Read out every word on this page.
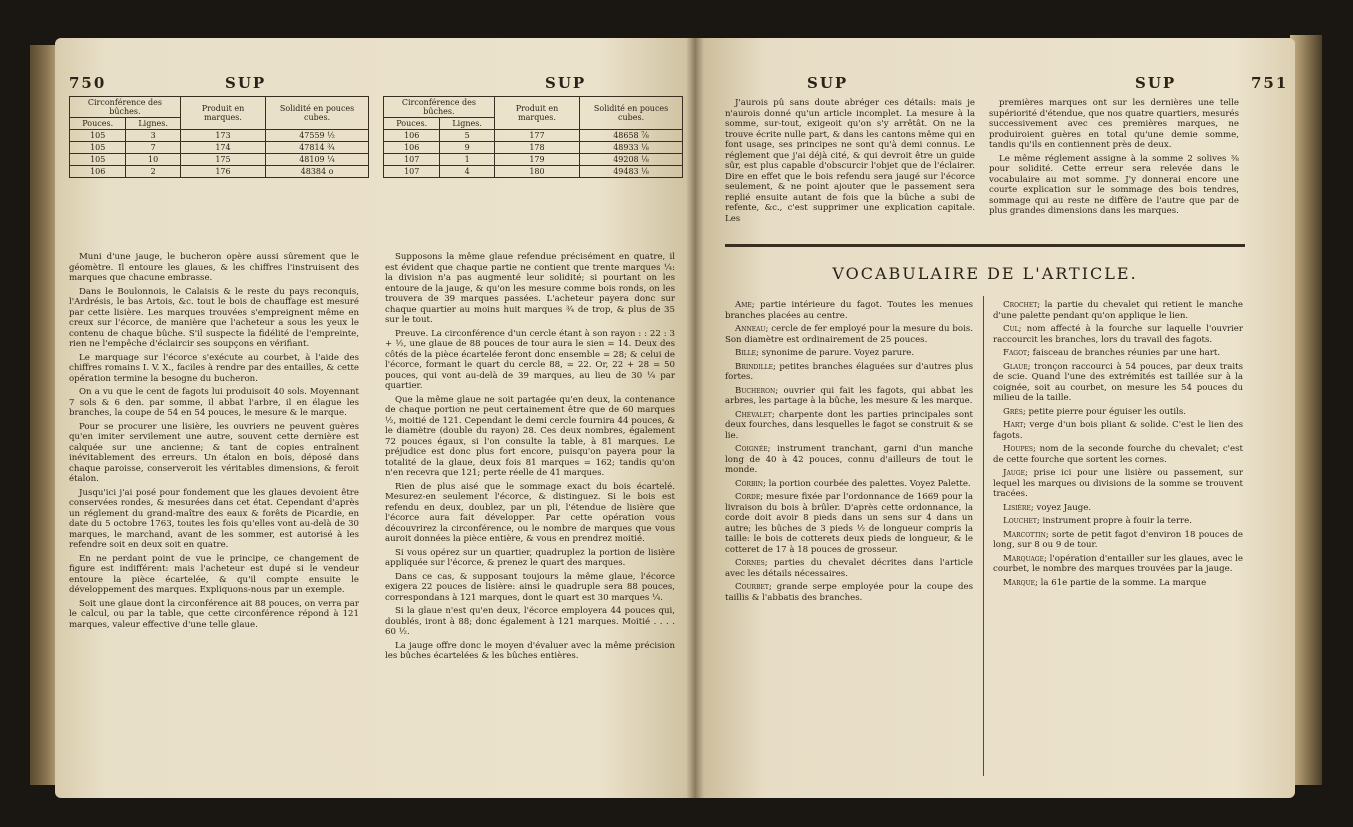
750	SUP	SUP
Circonférence des bûches.		Produit en marques.	Solidité en pouces cubes.
Pouces.	Lignes.		
105	3	173	47559 ½
105	7	174	47814 ¾
105	10	175	48109 ¼
106	2	176	48384 o
Circonférence des bûches.		Produit en marques.	Solidité en pouces cubes.
Pouces.	Lignes.		
106	5	177	48658 ⅞
106	9	178	48933 ⅛
107	1	179	49208 ⅛
107	4	180	49483 ⅛

Muni d'une jauge, le bucheron opère aussi sûrement que le géomètre. Il entoure les glaues, & les chiffres l'instruisent des marques que chacune embrasse.

Dans le Boulonnois, le Calaisis & le reste du pays reconquis, l'Ardrésis, le bas Artois, &c. tout le bois de chauffage est mesuré par cette lisière. Les marques trouvées s'empreignent même en creux sur l'écorce, de manière que l'acheteur a sous les yeux le contenu de chaque bûche. S'il suspecte la fidélité de l'empreinte, rien ne l'empêche d'éclaircir ses soupçons en vérifiant.

Le marquage sur l'écorce s'exécute au courbet, à l'aide des chiffres romains I. V. X., faciles à rendre par des entailles, & cette opération termine la besogne du bucheron.

On a vu que le cent de fagots lui produisoit 40 sols. Moyennant 7 sols & 6 den. par somme, il abbat l'arbre, il en élague les branches, la coupe de 54 en 54 pouces, le mesure & le marque.

Pour se procurer une lisière, les ouvriers ne peuvent guères qu'en imiter servilement une autre, souvent cette dernière est calquée sur une ancienne; & tant de copies entraînent inévitablement des erreurs. Un étalon en bois, déposé dans chaque paroisse, conserveroit les véritables dimensions, & feroit étalon.

Jusqu'ici j'ai posé pour fondement que les glaues devoient être conservées rondes, & mesurées dans cet état. Cependant d'après un réglement du grand-maître des eaux & forêts de Picardie, en date du 5 octobre 1763, toutes les fois qu'elles vont au-delà de 30 marques, le marchand, avant de les sommer, est autorisé à les refendre soit en deux soit en quatre.

En ne perdant point de vue le principe, ce changement de figure est indifférent: mais l'acheteur est dupé si le vendeur entoure la pièce écartelée, & qu'il compte ensuite le développement des marques. Expliquons-nous par un exemple.

Soit une glaue dont la circonférence ait 88 pouces, on verra par le calcul, ou par la table, que cette circonférence répond à 121 marques, valeur effective d'une telle glaue.

Supposons la même glaue refendue précisément en quatre, il est évident que chaque partie ne contient que trente marques ¼: la division n'a pas augmenté leur solidité; si pourtant on les entoure de la jauge, & qu'on les mesure comme bois ronds, on les trouvera de 39 marques passées. L'acheteur payera donc sur chaque quartier au moins huit marques ¾ de trop, & plus de 35 sur le tout.

Preuve. La circonférence d'un cercle étant à son rayon : : 22 : 3 + ½, une glaue de 88 pouces de tour aura le sien = 14. Deux des côtés de la pièce écartelée feront donc ensemble = 28; & celui de l'écorce, formant le quart du cercle 88, = 22. Or, 22 + 28 = 50 pouces, qui vont au-delà de 39 marques, au lieu de 30 ¼ par quartier.

Que la même glaue ne soit partagée qu'en deux, la contenance de chaque portion ne peut certainement être que de 60 marques ½, moitié de 121. Cependant le demi cercle fournira 44 pouces, & le diamètre (double du rayon) 28. Ces deux nombres, également 72 pouces égaux, si l'on consulte la table, à 81 marques. Le préjudice est donc plus fort encore, puisqu'on payera pour la totalité de la glaue, deux fois 81 marques = 162; tandis qu'on n'en recevra que 121; perte réelle de 41 marques.

Rien de plus aisé que le sommage exact du bois écartelé. Mesurez-en seulement l'écorce, & distinguez. Si le bois est refendu en deux, doublez, par un pli, l'étendue de lisière que l'écorce aura fait développer. Par cette opération vous découvrirez la circonférence, ou le nombre de marques que vous auroit données la pièce entière, & vous en prendrez moitié.

Si vous opérez sur un quartier, quadruplez la portion de lisière appliquée sur l'écorce, & prenez le quart des marques.

Dans ce cas, & supposant toujours la même glaue, l'écorce exigera 22 pouces de lisière: ainsi le quadruple sera 88 pouces, correspondans à 121 marques, dont le quart est 30 marques ¼.

Si la glaue n'est qu'en deux, l'écorce employera 44 pouces qui, doublés, iront à 88; donc également à 121 marques. Moitié . . . . 60 ½.

La jauge offre donc le moyen d'évaluer avec la même précision les bûches écartelées & les bûches entières.

SUP	SUP	751

J'aurois pû sans doute abréger ces détails: mais je n'aurois donné qu'un article incomplet. La mesure à la somme, sur-tout, exigeoit qu'on s'y arrêtât. On ne la trouve écrite nulle part, & dans les cantons même qui en font usage, ses principes ne sont qu'à demi connus. Le réglement que j'ai déjà cité, & qui devroit être un guide sûr, est plus capable d'obscurcir l'objet que de l'éclairer. Dire en effet que le bois refendu sera jaugé sur l'écorce seulement, & ne point ajouter que le passement sera replié ensuite autant de fois que la bûche a subi de refente, &c., c'est supprimer une explication capitale. Les

premières marques ont sur les dernières une telle supériorité d'étendue, que nos quatre quartiers, mesurés successivement avec ces premières marques, ne produiroient guères en total qu'une demie somme, tandis qu'ils en contiennent près de deux.

Le même réglement assigne à la somme 2 solives ⅜ pour solidité. Cette erreur sera relevée dans le vocabulaire au mot somme. J'y donnerai encore une courte explication sur le sommage des bois tendres, sommage qui au reste ne diffère de l'autre que par de plus grandes dimensions dans les marques.

VOCABULAIRE DE L'ARTICLE.

Ame; partie intérieure du fagot. Toutes les menues branches placées au centre.

Anneau; cercle de fer employé pour la mesure du bois. Son diamètre est ordinairement de 25 pouces.

Bille; synonime de parure. Voyez parure.

Brindille; petites branches élaguées sur d'autres plus fortes.

Bucheron; ouvrier qui fait les fagots, qui abbat les arbres, les partage à la bûche, les mesure & les marque.

Chevalet; charpente dont les parties principales sont deux fourches, dans lesquelles le fagot se construit & se lie.

Coignée; instrument tranchant, garni d'un manche long de 40 à 42 pouces, connu d'ailleurs de tout le monde.

Corbin; la portion courbée des palettes. Voyez Palette.

Corde; mesure fixée par l'ordonnance de 1669 pour la livraison du bois à brûler. D'après cette ordonnance, la corde doit avoir 8 pieds dans un sens sur 4 dans un autre; les bûches de 3 pieds ½ de longueur compris la taille: le bois de cotterets deux pieds de longueur, & le cotteret de 17 à 18 pouces de grosseur.

Cornes; parties du chevalet décrites dans l'article avec les détails nécessaires.

Courbet; grande serpe employée pour la coupe des taillis & l'abbatis des branches.

Crochet; la partie du chevalet qui retient le manche d'une palette pendant qu'on applique le lien.

Cul; nom affecté à la fourche sur laquelle l'ouvrier raccourcit les branches, lors du travail des fagots.

Fagot; faisceau de branches réunies par une hart.

Glaue; tronçon raccourci à 54 pouces, par deux traits de scie. Quand l'une des extrémités est taillée sur à la coignée, soit au courbet, on mesure les 54 pouces du milieu de la taille.

Grès; petite pierre pour éguiser les outils.

Hart; verge d'un bois pliant & solide. C'est le lien des fagots.

Houpes; nom de la seconde fourche du chevalet; c'est de cette fourche que sortent les cornes.

Jauge; prise ici pour une lisière ou passement, sur lequel les marques ou divisions de la somme se trouvent tracées.

Lisière; voyez Jauge.

Louchet; instrument propre à fouir la terre.

Marcottin; sorte de petit fagot d'environ 18 pouces de long, sur 8 ou 9 de tour.

Marquage; l'opération d'entailler sur les glaues, avec le courbet, le nombre des marques trouvées par la jauge.

Marque; la 61e partie de la somme. La marque
